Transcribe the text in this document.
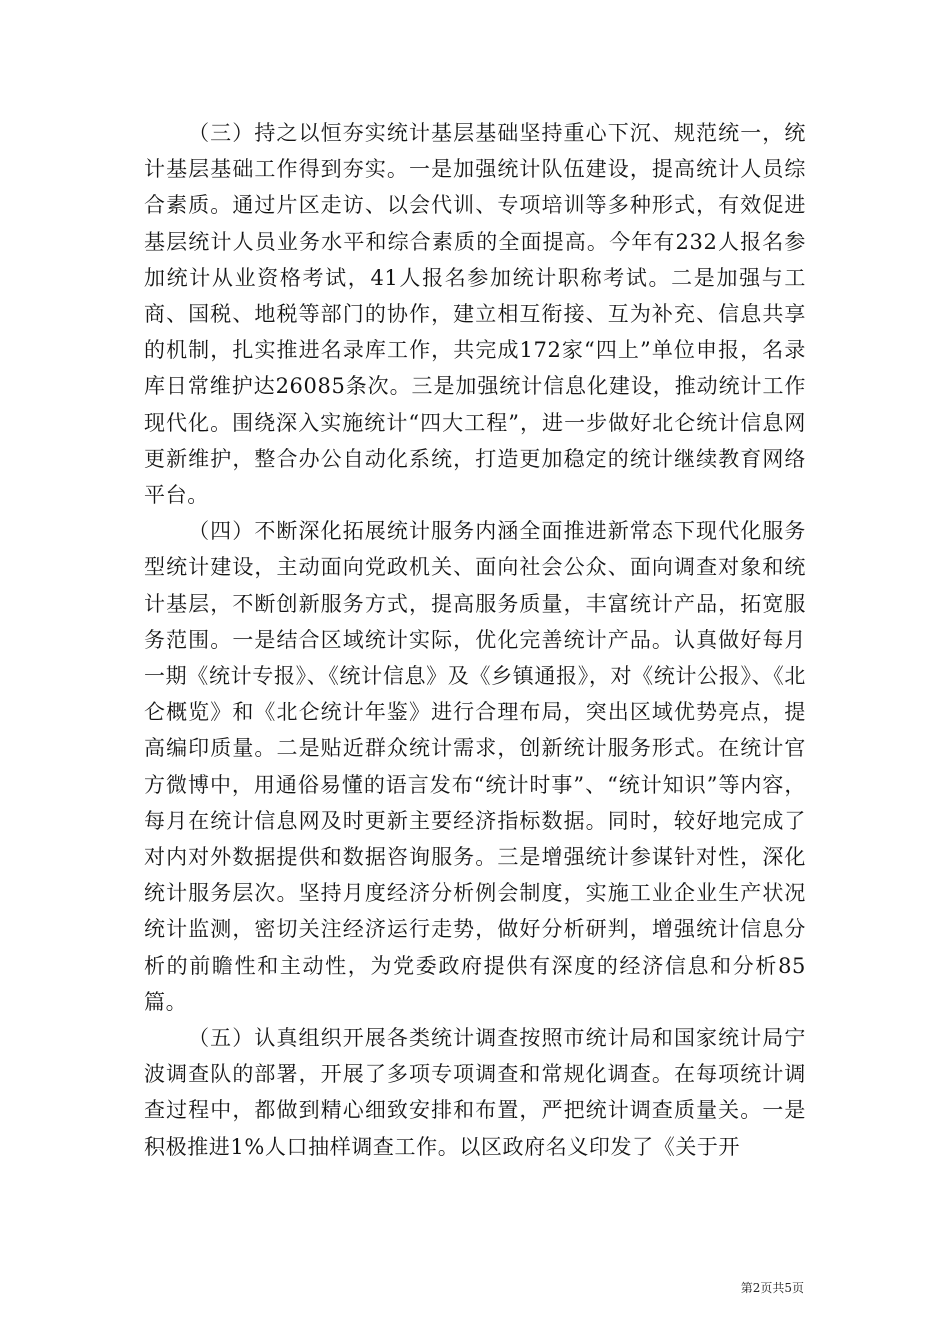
（三）持之以恒夯实统计基层基础坚持重心下沉、规范统一，统计基层基础工作得到夯实。一是加强统计队伍建设，提高统计人员综合素质。通过片区走访、以会代训、专项培训等多种形式，有效促进基层统计人员业务水平和综合素质的全面提高。今年有232人报名参加统计从业资格考试，41人报名参加统计职称考试。二是加强与工商、国税、地税等部门的协作，建立相互衔接、互为补充、信息共享的机制，扎实推进名录库工作，共完成172家“四上”单位申报，名录库日常维护达26085条次。三是加强统计信息化建设，推动统计工作现代化。围绕深入实施统计“四大工程”，进一步做好北仑统计信息网更新维护，整合办公自动化系统，打造更加稳定的统计继续教育网络平台。

（四）不断深化拓展统计服务内涵全面推进新常态下现代化服务型统计建设，主动面向党政机关、面向社会公众、面向调查对象和统计基层，不断创新服务方式，提高服务质量，丰富统计产品，拓宽服务范围。一是结合区域统计实际，优化完善统计产品。认真做好每月一期《统计专报》、《统计信息》及《乡镇通报》，对《统计公报》、《北仑概览》和《北仑统计年鉴》进行合理布局，突出区域优势亮点，提高编印质量。二是贴近群众统计需求，创新统计服务形式。在统计官方微博中，用通俗易懂的语言发布“统计时事”、“统计知识”等内容，每月在统计信息网及时更新主要经济指标数据。同时，较好地完成了对内对外数据提供和数据咨询服务。三是增强统计参谋针对性，深化统计服务层次。坚持月度经济分析例会制度，实施工业企业生产状况统计监测，密切关注经济运行走势，做好分析研判，增强统计信息分析的前瞻性和主动性，为党委政府提供有深度的经济信息和分析85篇。

（五）认真组织开展各类统计调查按照市统计局和国家统计局宁波调查队的部署，开展了多项专项调查和常规化调查。在每项统计调查过程中，都做到精心细致安排和布置，严把统计调查质量关。一是积极推进1%人口抽样调查工作。以区政府名义印发了《关于开

第2页共5页
